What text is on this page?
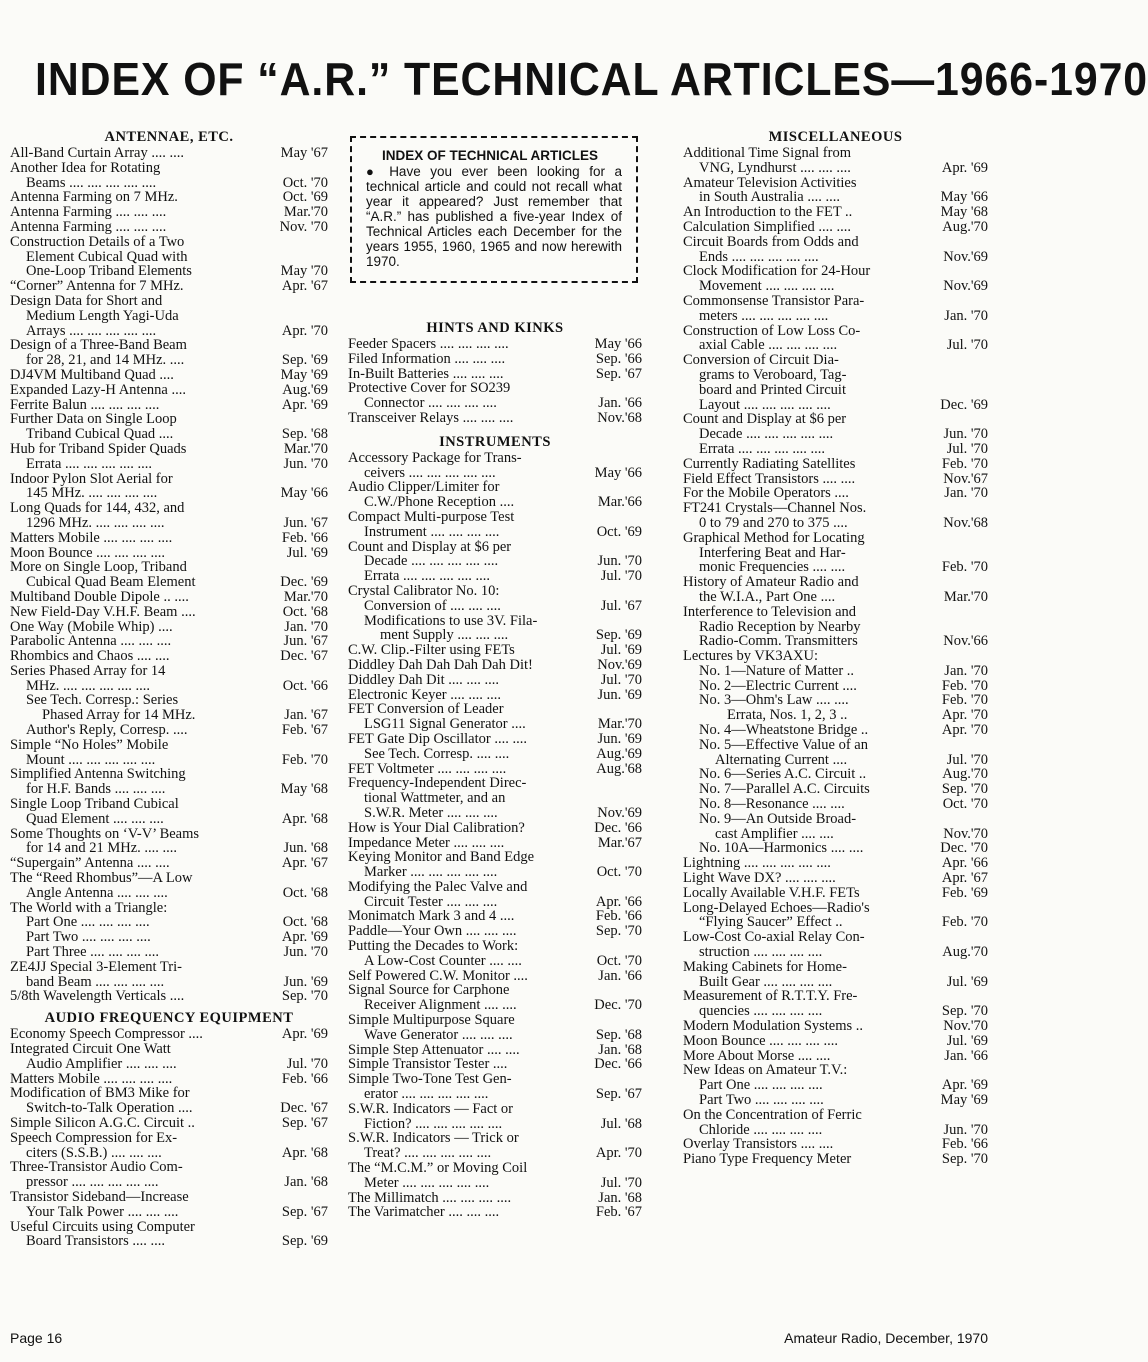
INDEX OF “A.R.” TECHNICAL ARTICLES—1966-1970
ANTENNAE, ETC.
May '67
All-Band Curtain Array .... ....
Another Idea for Rotating
Oct. '70
Beams .... .... .... .... ....
Oct. '69
Antenna Farming on 7 MHz.
Mar.'70
Antenna Farming .... .... ....
Nov. '70
Antenna Farming .... .... ....
Construction Details of a Two
Element Cubical Quad with
May '70
One-Loop Triband Elements
Apr. '67
“Corner” Antenna for 7 MHz.
Design Data for Short and
Medium Length Yagi-Uda
Apr. '70
Arrays .... .... .... .... ....
Design of a Three-Band Beam
Sep. '69
for 28, 21, and 14 MHz. ....
May '69
DJ4VM Multiband Quad ....
Aug.'69
Expanded Lazy-H Antenna ....
Apr. '69
Ferrite Balun .... .... .... ....
Further Data on Single Loop
Sep. '68
Triband Cubical Quad ....
Mar.'70
Hub for Triband Spider Quads
Jun. '70
Errata .... .... .... .... ....
Indoor Pylon Slot Aerial for
May '66
145 MHz. .... .... .... ....
Long Quads for 144, 432, and
Jun. '67
1296 MHz. .... .... .... ....
Feb. '66
Matters Mobile .... .... .... ....
Jul. '69
Moon Bounce .... .... .... ....
More on Single Loop, Triband
Dec. '69
Cubical Quad Beam Element
Mar.'70
Multiband Double Dipole .. ....
Oct. '68
New Field-Day V.H.F. Beam ....
Jan. '70
One Way (Mobile Whip) ....
Jun. '67
Parabolic Antenna .... .... ....
Dec. '67
Rhombics and Chaos .... ....
Series Phased Array for 14
Oct. '66
MHz. .... .... .... .... ....
See Tech. Corresp.: Series
Jan. '67
Phased Array for 14 MHz.
Feb. '67
Author's Reply, Corresp. ....
Simple “No Holes” Mobile
Feb. '70
Mount .... .... .... .... ....
Simplified Antenna Switching
May '68
for H.F. Bands .... .... ....
Single Loop Triband Cubical
Apr. '68
Quad Element .... .... ....
Some Thoughts on ‘V-V’ Beams
Jun. '68
for 14 and 21 MHz. .... ....
Apr. '67
“Supergain” Antenna .... ....
The “Reed Rhombus”—A Low
Oct. '68
Angle Antenna .... .... ....
The World with a Triangle:
Oct. '68
Part One .... .... .... ....
Apr. '69
Part Two .... .... .... ....
Jun. '70
Part Three .... .... .... ....
ZE4JJ Special 3-Element Tri-
Jun. '69
band Beam .... .... .... ....
Sep. '70
5/8th Wavelength Verticals ....
AUDIO FREQUENCY EQUIPMENT
Apr. '69
Economy Speech Compressor ....
Integrated Circuit One Watt
Jul. '70
Audio Amplifier .... .... ....
Feb. '66
Matters Mobile .... .... .... ....
Modification of BM3 Mike for
Dec. '67
Switch-to-Talk Operation ....
Sep. '67
Simple Silicon A.G.C. Circuit ..
Speech Compression for Ex-
Apr. '68
citers (S.S.B.) .... .... ....
Three-Transistor Audio Com-
Jan. '68
pressor .... .... .... .... ....
Transistor Sideband—Increase
Sep. '67
Your Talk Power .... .... ....
Useful Circuits using Computer
Sep. '69
Board Transistors .... ....
INDEX OF TECHNICAL ARTICLES
● Have you ever been looking for a technical article and could not recall what year it appeared? Just remember that “A.R.” has published a five-year Index of Technical Articles each December for the years 1955, 1960, 1965 and now herewith 1970.
HINTS AND KINKS
May '66
Feeder Spacers .... .... .... ....
Sep. '66
Filed Information .... .... ....
Sep. '67
In-Built Batteries .... .... ....
Protective Cover for SO239
Jan. '66
Connector .... .... .... ....
Nov.'68
Transceiver Relays .... .... ....
INSTRUMENTS
Accessory Package for Trans-
May '66
ceivers .... .... .... .... ....
Audio Clipper/Limiter for
Mar.'66
C.W./Phone Reception ....
Compact Multi-purpose Test
Oct. '69
Instrument .... .... .... ....
Count and Display at $6 per
Jun. '70
Decade .... .... .... .... ....
Jul. '70
Errata .... .... .... .... ....
Crystal Calibrator No. 10:
Jul. '67
Conversion of .... .... ....
Modifications to use 3V. Fila-
Sep. '69
ment Supply .... .... ....
Jul. '69
C.W. Clip.-Filter using FETs
Nov.'69
Diddley Dah Dah Dah Dah Dit!
Jul. '70
Diddley Dah Dit .... .... ....
Jun. '69
Electronic Keyer .... .... ....
FET Conversion of Leader
Mar.'70
LSG11 Signal Generator ....
Jun. '69
FET Gate Dip Oscillator .... ....
Aug.'69
See Tech. Corresp. .... ....
Aug.'68
FET Voltmeter .... .... .... ....
Frequency-Independent Direc-
tional Wattmeter, and an
Nov.'69
S.W.R. Meter .... .... ....
Dec. '66
How is Your Dial Calibration?
Mar.'67
Impedance Meter .... .... ....
Keying Monitor and Band Edge
Oct. '70
Marker .... .... .... .... ....
Modifying the Palec Valve and
Apr. '66
Circuit Tester .... .... ....
Feb. '66
Monimatch Mark 3 and 4 ....
Sep. '70
Paddle—Your Own .... .... ....
Putting the Decades to Work:
Oct. '70
A Low-Cost Counter .... ....
Jan. '66
Self Powered C.W. Monitor ....
Signal Source for Carphone
Dec. '70
Receiver Alignment .... ....
Simple Multipurpose Square
Sep. '68
Wave Generator .... .... ....
Jan. '68
Simple Step Attenuator .... ....
Dec. '66
Simple Transistor Tester ....
Simple Two-Tone Test Gen-
Sep. '67
erator .... .... .... .... ....
S.W.R. Indicators — Fact or
Jul. '68
Fiction? .... .... .... .... ....
S.W.R. Indicators — Trick or
Apr. '70
Treat? .... .... .... .... ....
The “M.C.M.” or Moving Coil
Jul. '70
Meter .... .... .... .... ....
Jan. '68
The Millimatch .... .... .... ....
Feb. '67
The Varimatcher .... .... ....
MISCELLANEOUS
Additional Time Signal from
Apr. '69
VNG, Lyndhurst .... .... ....
Amateur Television Activities
May '66
in South Australia .... ....
May '68
An Introduction to the FET ..
Aug.'70
Calculation Simplified .... ....
Circuit Boards from Odds and
Nov.'69
Ends .... .... .... .... ....
Clock Modification for 24-Hour
Nov.'69
Movement .... .... .... ....
Commonsense Transistor Para-
Jan. '70
meters .... .... .... .... ....
Construction of Low Loss Co-
Jul. '70
axial Cable .... .... .... ....
Conversion of Circuit Dia-
grams to Veroboard, Tag-
board and Printed Circuit
Dec. '69
Layout .... .... .... .... ....
Count and Display at $6 per
Jun. '70
Decade .... .... .... .... ....
Jul. '70
Errata .... .... .... .... ....
Feb. '70
Currently Radiating Satellites
Nov.'67
Field Effect Transistors .... ....
Jan. '70
For the Mobile Operators ....
FT241 Crystals—Channel Nos.
Nov.'68
0 to 79 and 270 to 375 ....
Graphical Method for Locating
Interfering Beat and Har-
Feb. '70
monic Frequencies .... ....
History of Amateur Radio and
Mar.'70
the W.I.A., Part One ....
Interference to Television and
Radio Reception by Nearby
Nov.'66
Radio-Comm. Transmitters
Lectures by VK3AXU:
Jan. '70
No. 1—Nature of Matter ..
Feb. '70
No. 2—Electric Current ....
Feb. '70
No. 3—Ohm's Law .... ....
Apr. '70
Errata, Nos. 1, 2, 3 ..
Apr. '70
No. 4—Wheatstone Bridge ..
No. 5—Effective Value of an
Jul. '70
Alternating Current ....
Aug.'70
No. 6—Series A.C. Circuit ..
Sep. '70
No. 7—Parallel A.C. Circuits
Oct. '70
No. 8—Resonance .... ....
No. 9—An Outside Broad-
Nov.'70
cast Amplifier .... ....
Dec. '70
No. 10A—Harmonics .... ....
Apr. '66
Lightning .... .... .... .... ....
Apr. '67
Light Wave DX? .... .... ....
Feb. '69
Locally Available V.H.F. FETs
Long-Delayed Echoes—Radio's
Feb. '70
“Flying Saucer” Effect ..
Low-Cost Co-axial Relay Con-
Aug.'70
struction .... .... .... ....
Making Cabinets for Home-
Jul. '69
Built Gear .... .... .... ....
Measurement of R.T.T.Y. Fre-
Sep. '70
quencies .... .... .... ....
Nov.'70
Modern Modulation Systems ..
Jul. '69
Moon Bounce .... .... .... ....
Jan. '66
More About Morse .... ....
New Ideas on Amateur T.V.:
Apr. '69
Part One .... .... .... ....
May '69
Part Two .... .... .... ....
On the Concentration of Ferric
Jun. '70
Chloride .... .... .... ....
Feb. '66
Overlay Transistors .... ....
Sep. '70
Piano Type Frequency Meter
Page 16	Amateur Radio, December, 1970
